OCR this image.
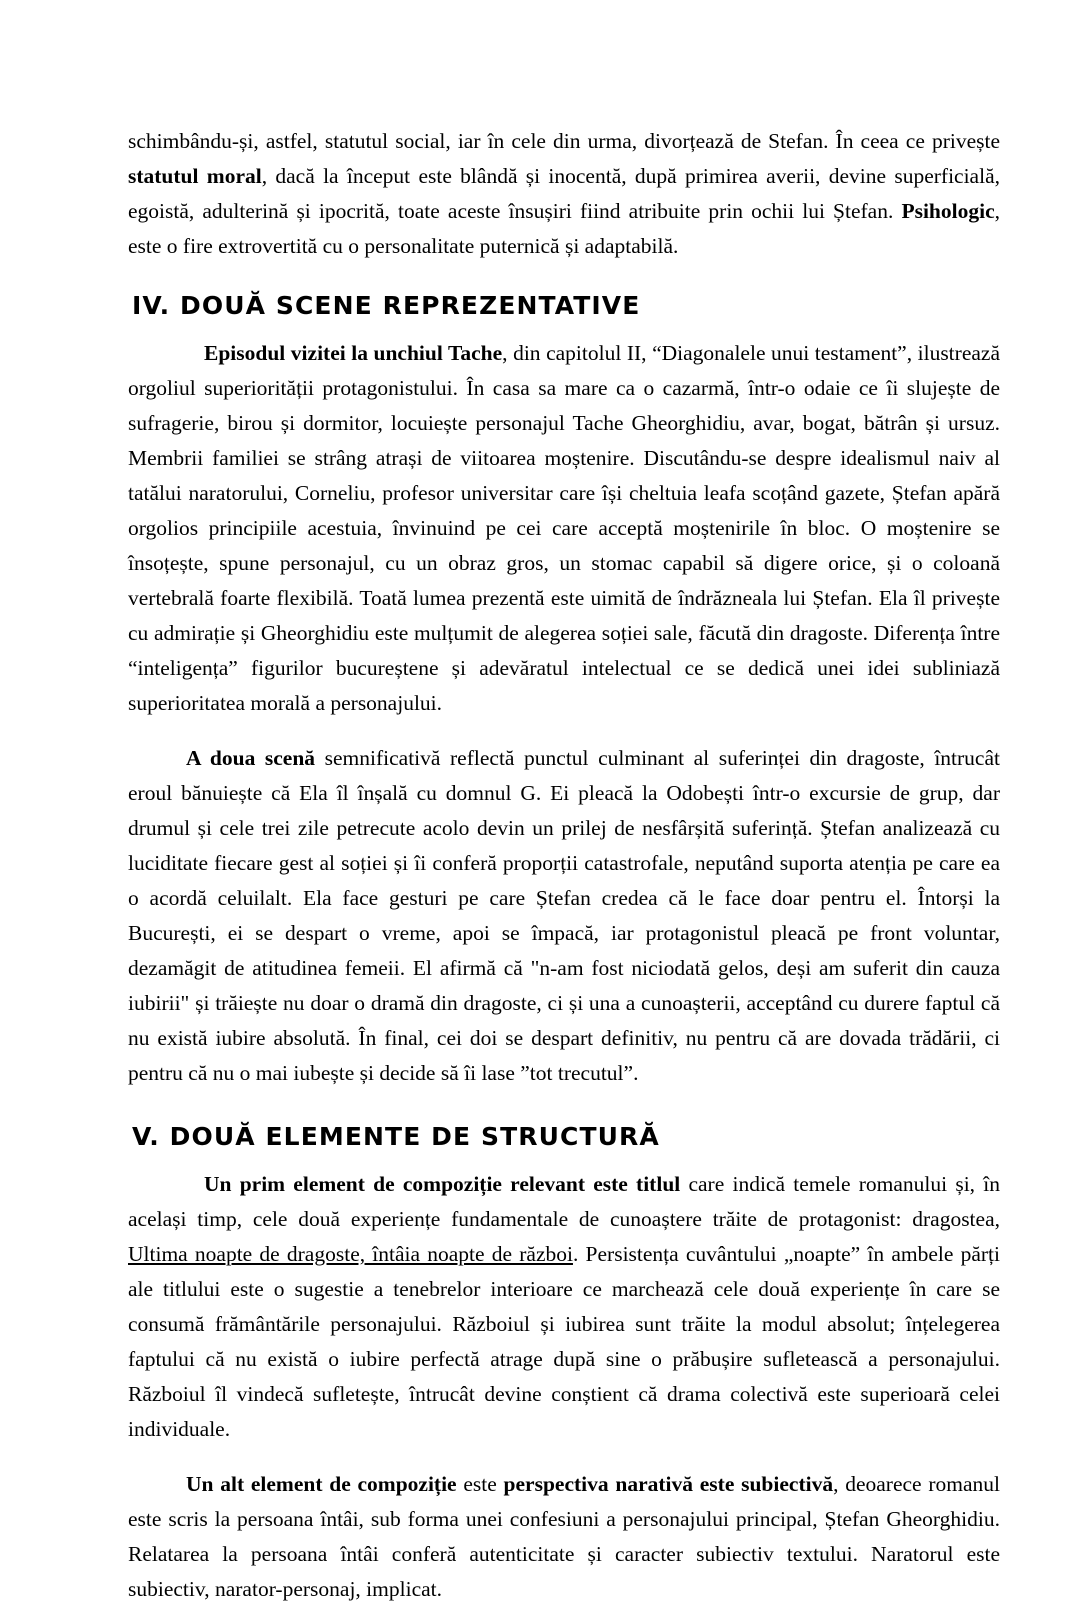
schimbându-și, astfel, statutul social, iar în cele din urma, divorțează de Stefan. În ceea ce privește statutul moral, dacă la început este blândă și inocentă, după primirea averii, devine superficială, egoistă, adulterină și ipocrită, toate aceste însușiri fiind atribuite prin ochii lui Ștefan. Psihologic, este o fire extrovertită cu o personalitate puternică și adaptabilă.

IV. DOUĂ SCENE REPREZENTATIVE

Episodul vizitei la unchiul Tache, din capitolul II, “Diagonalele unui testament”, ilustrează orgoliul superiorității protagonistului. În casa sa mare ca o cazarmă, într-o odaie ce îi slujește de sufragerie, birou și dormitor, locuiește personajul Tache Gheorghidiu, avar, bogat, bătrân și ursuz. Membrii familiei se strâng atrași de viitoarea moștenire. Discutându-se despre idealismul naiv al tatălui naratorului, Corneliu, profesor universitar care își cheltuia leafa scoțând gazete, Ștefan apără orgolios principiile acestuia, învinuind pe cei care acceptă moștenirile în bloc. O moștenire se însoțește, spune personajul, cu un obraz gros, un stomac capabil să digere orice, și o coloană vertebrală foarte flexibilă. Toată lumea prezentă este uimită de îndrăzneala lui Ștefan. Ela îl privește cu admirație și Gheorghidiu este mulțumit de alegerea soției sale, făcută din dragoste. Diferența între “inteligența” figurilor bucureștene și adevăratul intelectual ce se dedică unei idei subliniază superioritatea morală a personajului.

A doua scenă semnificativă reflectă punctul culminant al suferinței din dragoste, întrucât eroul bănuiește că Ela îl înșală cu domnul G. Ei pleacă la Odobești într-o excursie de grup, dar drumul și cele trei zile petrecute acolo devin un prilej de nesfârșită suferință. Ștefan analizează cu luciditate fiecare gest al soției și îi conferă proporții catastrofale, neputând suporta atenția pe care ea o acordă celuilalt. Ela face gesturi pe care Ștefan credea că le face doar pentru el. Întorși la București, ei se despart o vreme, apoi se împacă, iar protagonistul pleacă pe front voluntar, dezamăgit de atitudinea femeii. El afirmă că "n-am fost niciodată gelos, deși am suferit din cauza iubirii" și trăiește nu doar o dramă din dragoste, ci și una a cunoașterii, acceptând cu durere faptul că nu există iubire absolută. În final, cei doi se despart definitiv, nu pentru că are dovada trădării, ci pentru că nu o mai iubește și decide să îi lase ”tot trecutul”.

V. DOUĂ ELEMENTE DE STRUCTURĂ

Un prim element de compoziție relevant este titlul care indică temele romanului și, în același timp, cele două experiențe fundamentale de cunoaștere trăite de protagonist: dragostea, Ultima noapte de dragoste, întâia noapte de război. Persistența cuvântului „noapte” în ambele părți ale titlului este o sugestie a tenebrelor interioare ce marchează cele două experiențe în care se consumă frământările personajului. Războiul și iubirea sunt trăite la modul absolut; înțelegerea faptului că nu există o iubire perfectă atrage după sine o prăbușire sufletească a personajului. Războiul îl vindecă sufletește, întrucât devine conștient că drama colectivă este superioară celei individuale.

Un alt element de compoziție este perspectiva narativă este subiectivă, deoarece romanul este scris la persoana întâi, sub forma unei confesiuni a personajului principal, Ștefan Gheorghidiu. Relatarea la persoana întâi conferă autenticitate și caracter subiectiv textului. Naratorul este subiectiv, narator-personaj, implicat.
